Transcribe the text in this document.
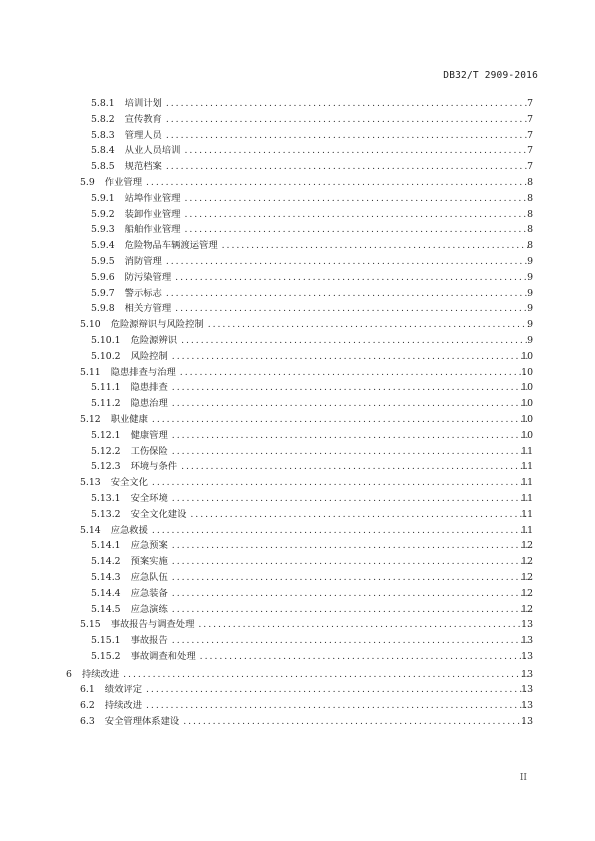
DB32/T 2909-2016
5.8.1 培训计划 . . .	7
5.8.2 宣传教育 . . .	7
5.8.3 管理人员 . . .	7
5.8.4 从业人员培训 . . .	7
5.8.5 规范档案 . . .	7
5.9 作业管理 . . .	8
5.9.1 站埠作业管理 . . .	8
5.9.2 装卸作业管理 . . .	8
5.9.3 船舶作业管理 . . .	8
5.9.4 危险物品车辆渡运管理 . . .	8
5.9.5 消防管理 . . .	9
5.9.6 防污染管理 . . .	9
5.9.7 警示标志 . . .	9
5.9.8 相关方管理 . . .	9
5.10 危险源辩识与风险控制 . . .	9
5.10.1 危险源辨识 . . .	9
5.10.2 风险控制 . . .	10
5.11 隐患排查与治理 . . .	10
5.11.1 隐患排查 . . .	10
5.11.2 隐患治理 . . .	10
5.12 职业健康 . . .	10
5.12.1 健康管理 . . .	10
5.12.2 工伤保险 . . .	11
5.12.3 环境与条件 . . .	11
5.13 安全文化 . . .	11
5.13.1 安全环境 . . .	11
5.13.2 安全文化建设 . . .	11
5.14 应急救援 . . .	11
5.14.1 应急预案 . . .	12
5.14.2 预案实施 . . .	12
5.14.3 应急队伍 . . .	12
5.14.4 应急装备 . . .	12
5.14.5 应急演练 . . .	12
5.15 事故报告与调查处理 . . .	13
5.15.1 事故报告 . . .	13
5.15.2 事故调查和处理 . . .	13
6 持续改进 . . .	13
6.1 绩效评定 . . .	13
6.2 持续改进 . . .	13
6.3 安全管理体系建设 . . .	13
II
